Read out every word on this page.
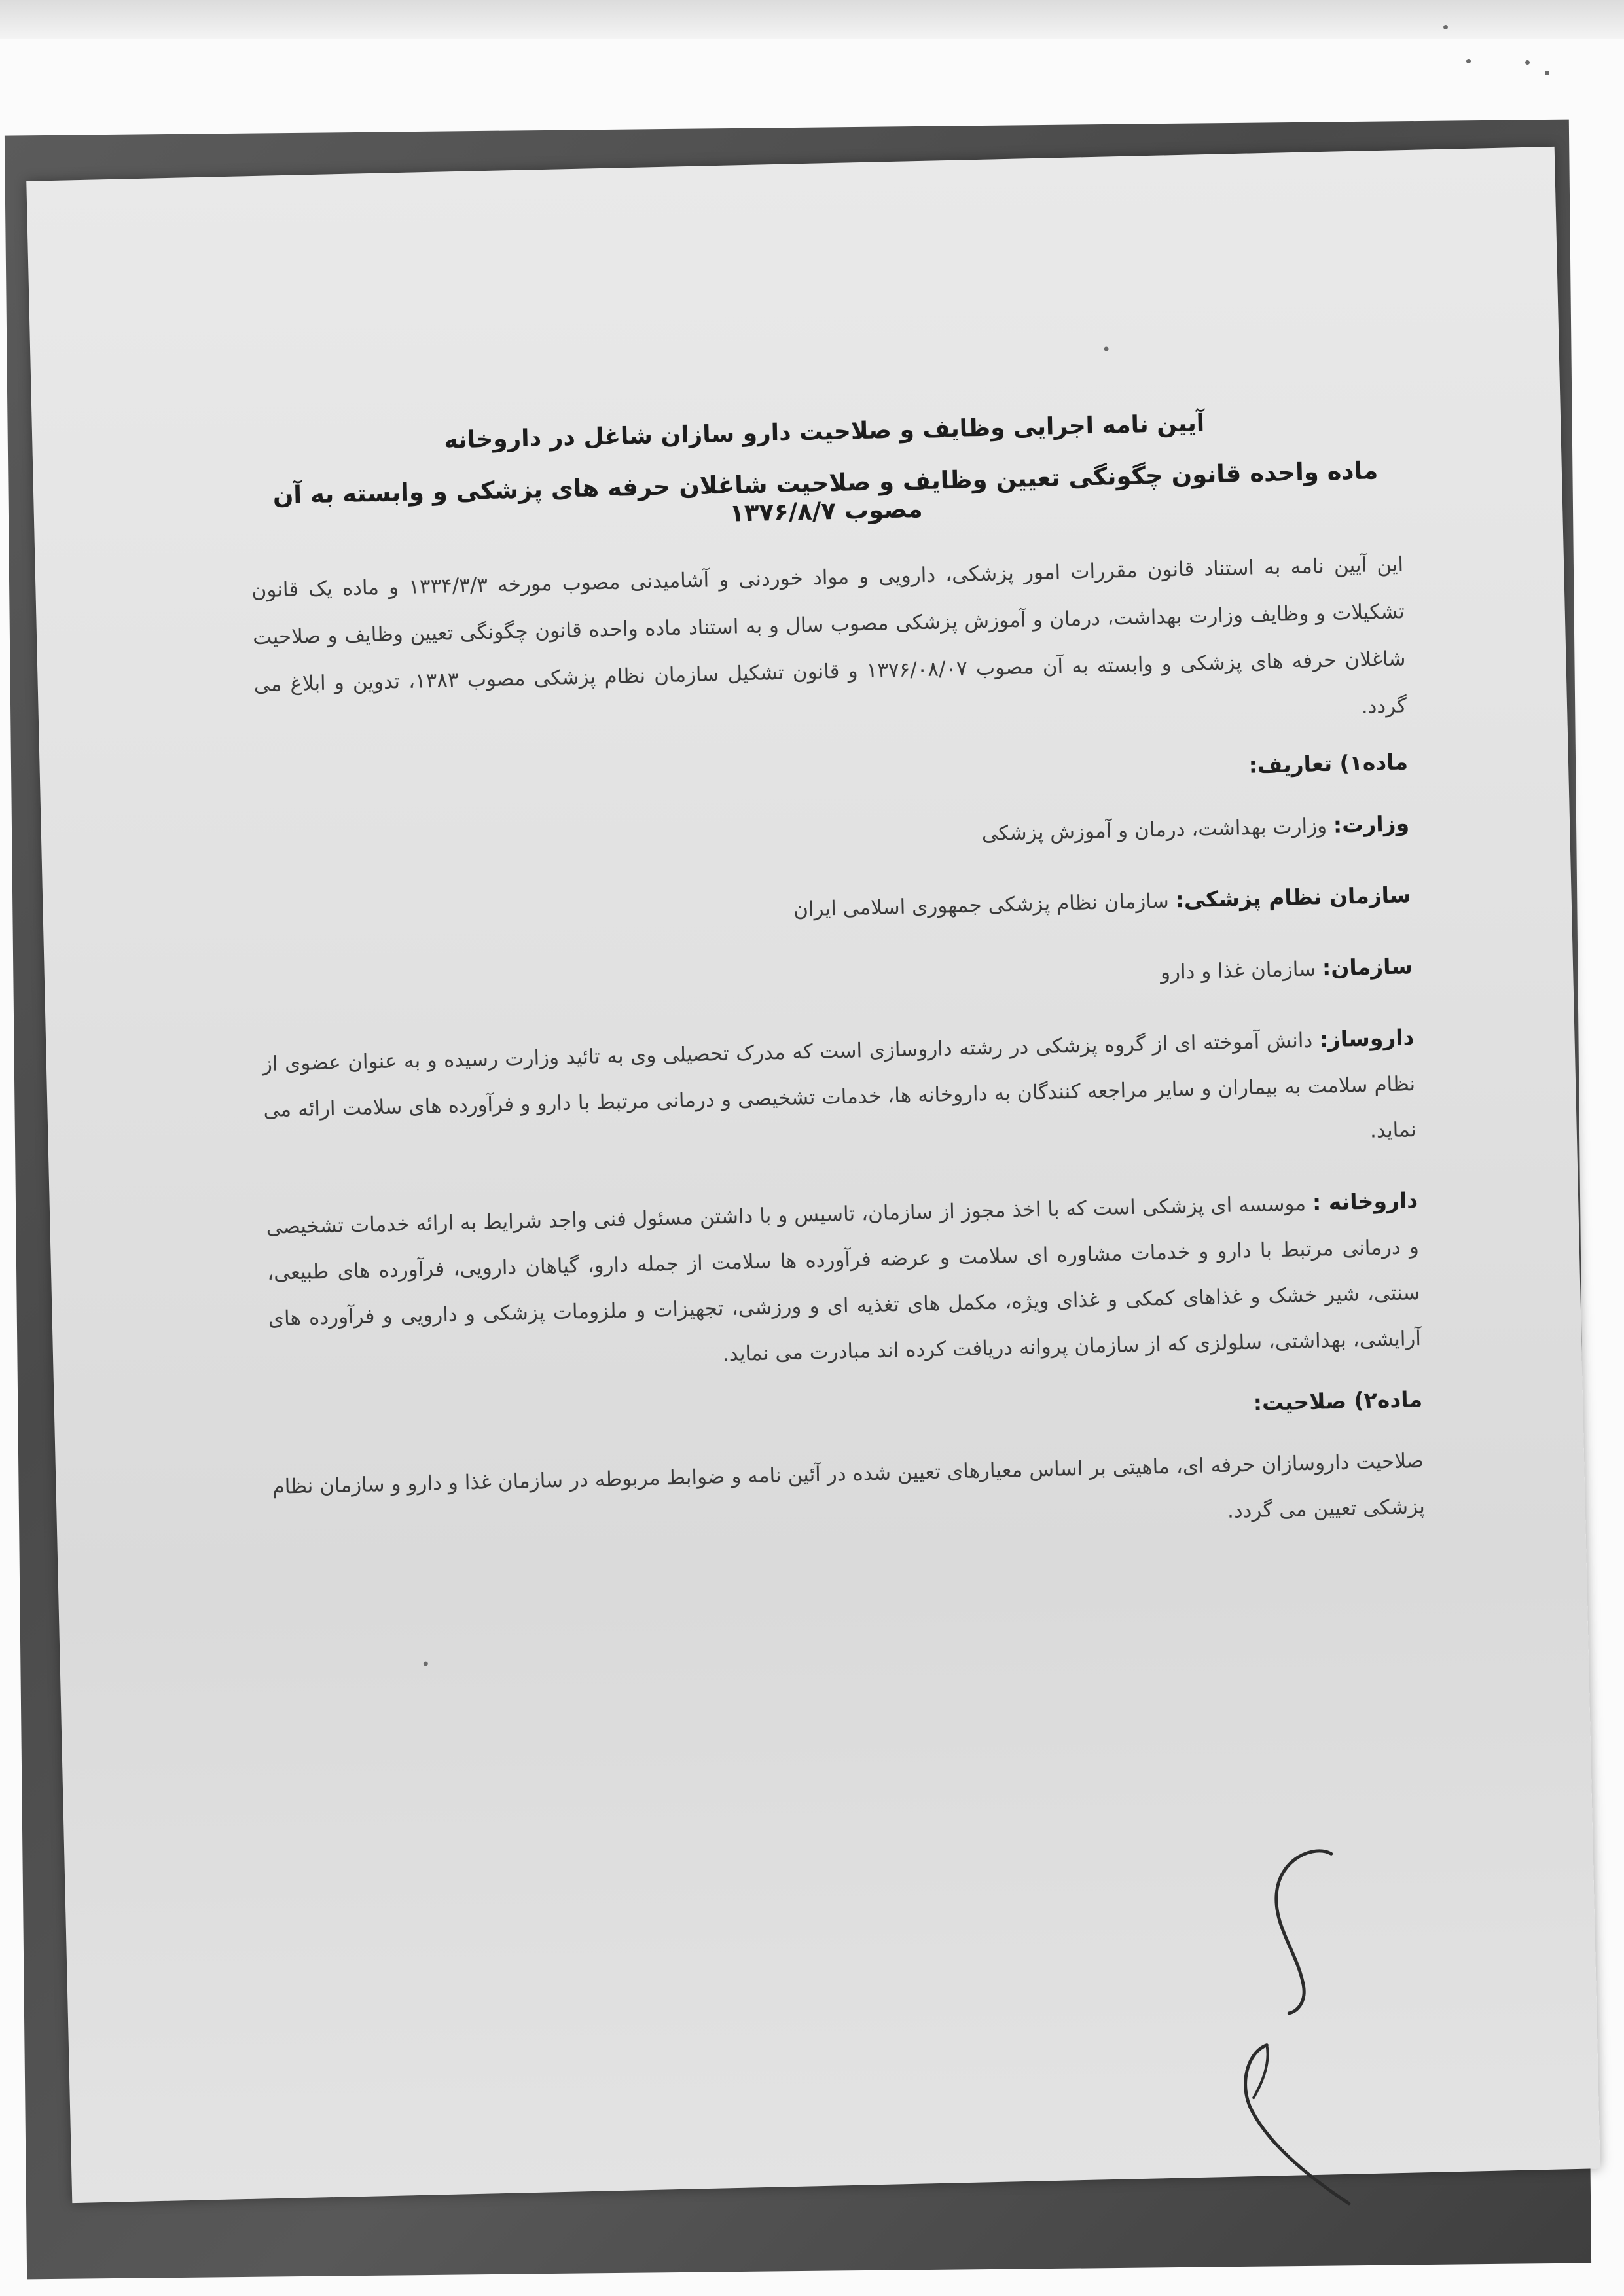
آیین نامه اجرایی وظایف و صلاحیت دارو سازان شاغل در داروخانه
ماده واحده قانون چگونگی تعیین وظایف و صلاحیت شاغلان حرفه های پزشکی و وابسته به آن مصوب ۱۳۷۶/۸/۷

این آیین نامه به استناد قانون مقررات امور پزشکی، دارویی و مواد خوردنی و آشامیدنی مصوب مورخه ۱۳۳۴/۳/۳ و ماده یک قانون تشکیلات و وظایف وزارت بهداشت، درمان و آموزش پزشکی مصوب سال و به استناد ماده واحده قانون چگونگی تعیین وظایف و صلاحیت شاغلان حرفه های پزشکی و وابسته به آن مصوب ۱۳۷۶/۰۸/۰۷ و قانون تشکیل سازمان نظام پزشکی مصوب ۱۳۸۳، تدوین و ابلاغ می گردد.

ماده۱) تعاریف:

وزارت: وزارت بهداشت، درمان و آموزش پزشکی

سازمان نظام پزشکی: سازمان نظام پزشکی جمهوری اسلامی ایران

سازمان: سازمان غذا و دارو

داروساز: دانش آموخته ای از گروه پزشکی در رشته داروسازی است که مدرک تحصیلی وی به تائید وزارت رسیده و به عنوان عضوی از نظام سلامت به بیماران و سایر مراجعه کنندگان به داروخانه ها، خدمات تشخیصی و درمانی مرتبط با دارو و فرآورده های سلامت ارائه می نماید.

داروخانه : موسسه ای پزشکی است که با اخذ مجوز از سازمان، تاسیس و با داشتن مسئول فنی واجد شرایط به ارائه خدمات تشخیصی و درمانی مرتبط با دارو و خدمات مشاوره ای سلامت و عرضه فرآورده ها سلامت از جمله دارو، گیاهان دارویی، فرآورده های طبیعی، سنتی، شیر خشک و غذاهای کمکی و غذای ویژه، مکمل های تغذیه ای و ورزشی، تجهیزات و ملزومات پزشکی و دارویی و فرآورده های آرایشی، بهداشتی، سلولزی که از سازمان پروانه دریافت کرده اند مبادرت می نماید.

ماده۲) صلاحیت:

صلاحیت داروسازان حرفه ای، ماهیتی بر اساس معیارهای تعیین شده در آئین نامه و ضوابط مربوطه در سازمان غذا و دارو و سازمان نظام پزشکی تعیین می گردد.
